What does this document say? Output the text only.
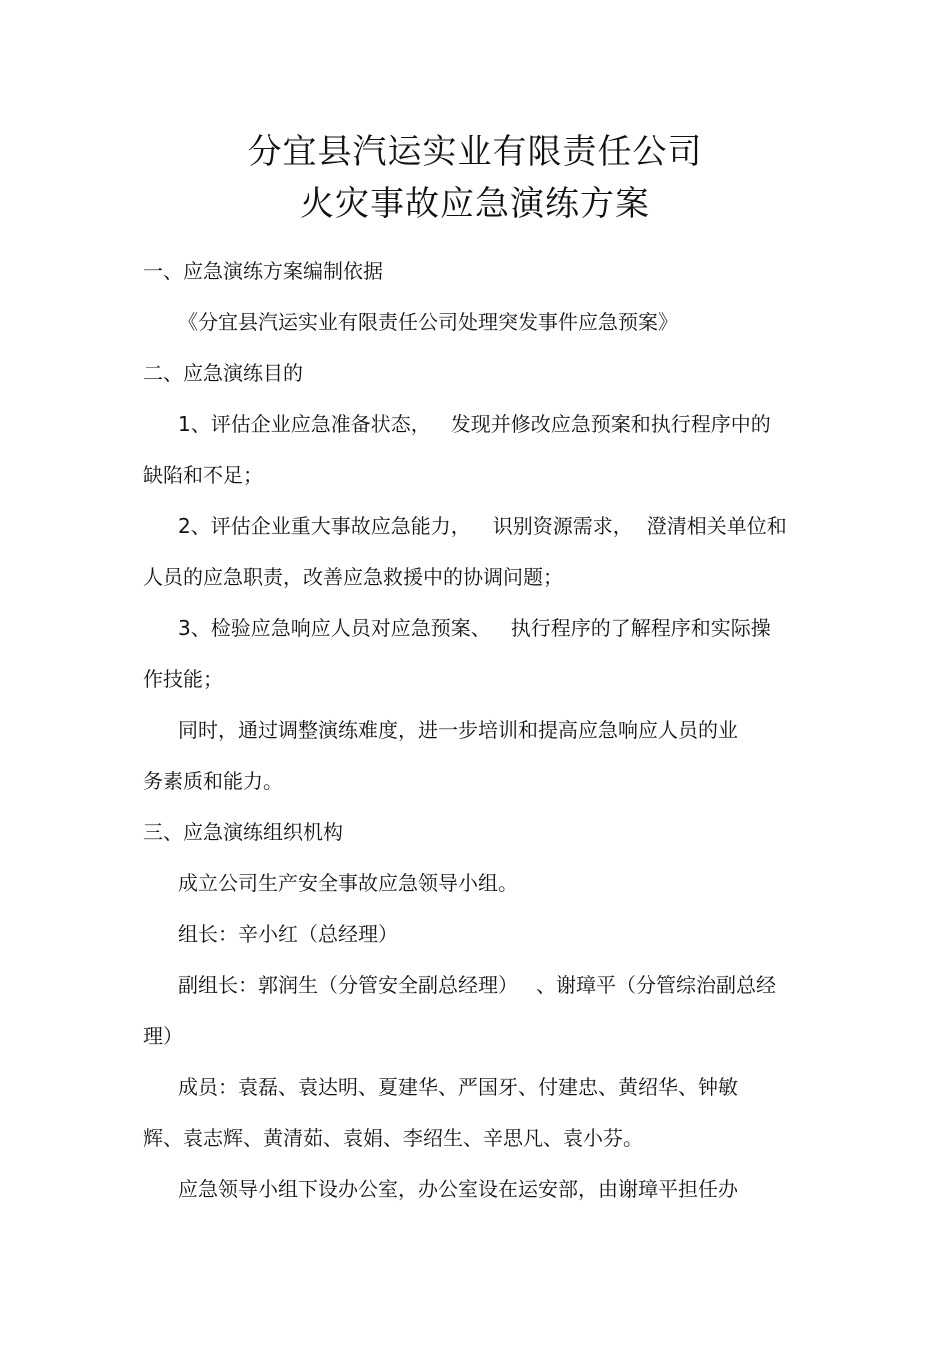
分宜县汽运实业有限责任公司
火灾事故应急演练方案
一、应急演练方案编制依据
《分宜县汽运实业有限责任公司处理突发事件应急预案》
二、应急演练目的
1、评估企业应急准备状态， 发现并修改应急预案和执行程序中的
缺陷和不足；
2、评估企业重大事故应急能力， 识别资源需求， 澄清相关单位和
人员的应急职责，改善应急救援中的协调问题；
3、检验应急响应人员对应急预案、 执行程序的了解程序和实际操
作技能；
同时，通过调整演练难度，进一步培训和提高应急响应人员的业
务素质和能力。
三、应急演练组织机构
成立公司生产安全事故应急领导小组。
组长：辛小红（总经理）
副组长：郭润生（分管安全副总经理） 、谢璋平（分管综治副总经
理）
成员：袁磊、袁达明、夏建华、严国牙、付建忠、黄绍华、钟敏
辉、袁志辉、黄清茹、袁娟、李绍生、辛思凡、袁小芬。
应急领导小组下设办公室，办公室设在运安部，由谢璋平担任办
